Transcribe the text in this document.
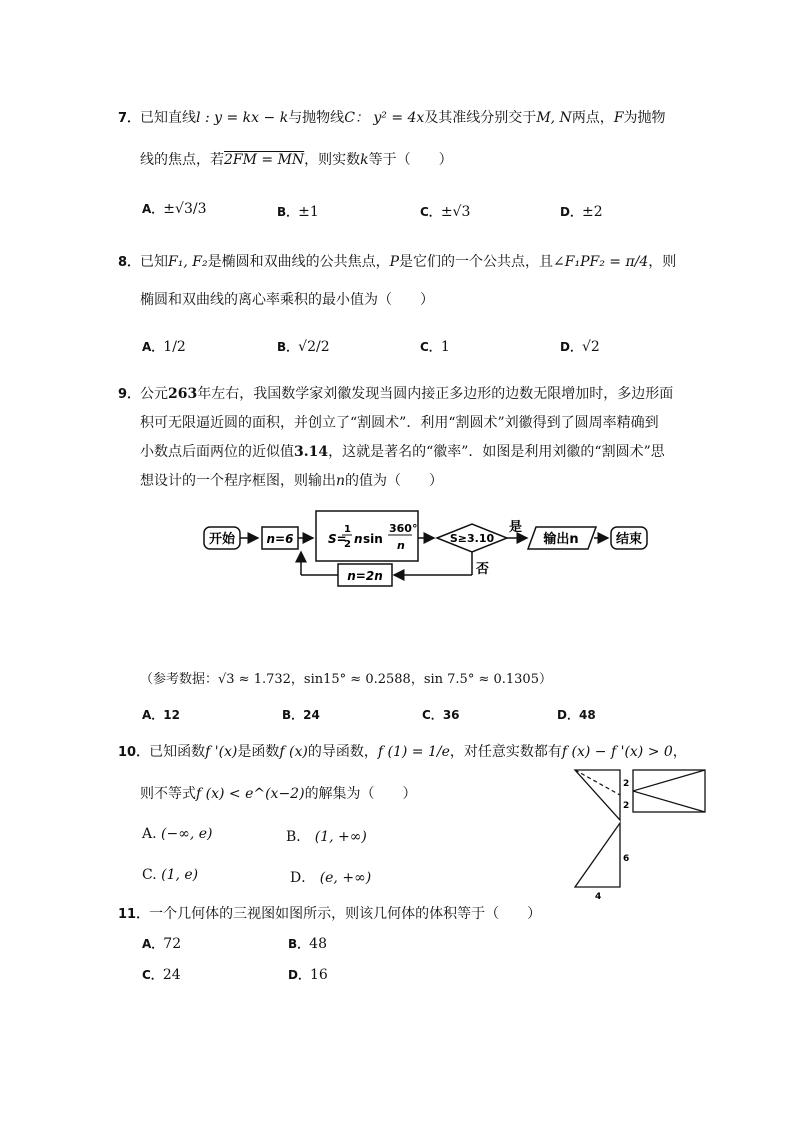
7．已知直线l : y = kx − k与抛物线C： y² = 4x及其准线分别交于M, N两点，F为抛物
线的焦点，若2FM = MN，则实数k等于（　　）
A．±√3/3	B．±1	C．±√3	D．±2
8．已知F₁, F₂是椭圆和双曲线的公共焦点，P是它们的一个公共点，且∠F₁PF₂ = π/4，则
椭圆和双曲线的离心率乘积的最小值为（　　）
A．1/2	B．√2/2	C．1	D．√2
9．公元263年左右，我国数学家刘徽发现当圆内接正多边形的边数无限增加时，多边形面
积可无限逼近圆的面积，并创立了“割圆术”．利用“割圆术”刘徽得到了圆周率精确到
小数点后面两位的近似值3.14，这就是著名的“徽率”．如图是利用刘徽的“割圆术”思
想设计的一个程序框图，则输出n的值为（　　）
开始	n=6	S=
1
2 n sin
360°
n
S≥3.10
是
输出n	结束
否
n=2n
（参考数据：√3 ≈ 1.732，sin15° ≈ 0.2588，sin 7.5° ≈ 0.1305）
A．12	B．24	C．36	D．48
10．已知函数f '(x)是函数f (x)的导函数，f (1) = 1/e，对任意实数都有f (x) − f '(x) > 0，
则不等式f (x) < e^(x−2)的解集为（　　）
A. (−∞, e)	B． (1, +∞)
C. (1, e)	D． (e, +∞)
2
2
6
4
11．一个几何体的三视图如图所示，则该几何体的体积等于（　　）
A．72	B．48
C．24	D．16
